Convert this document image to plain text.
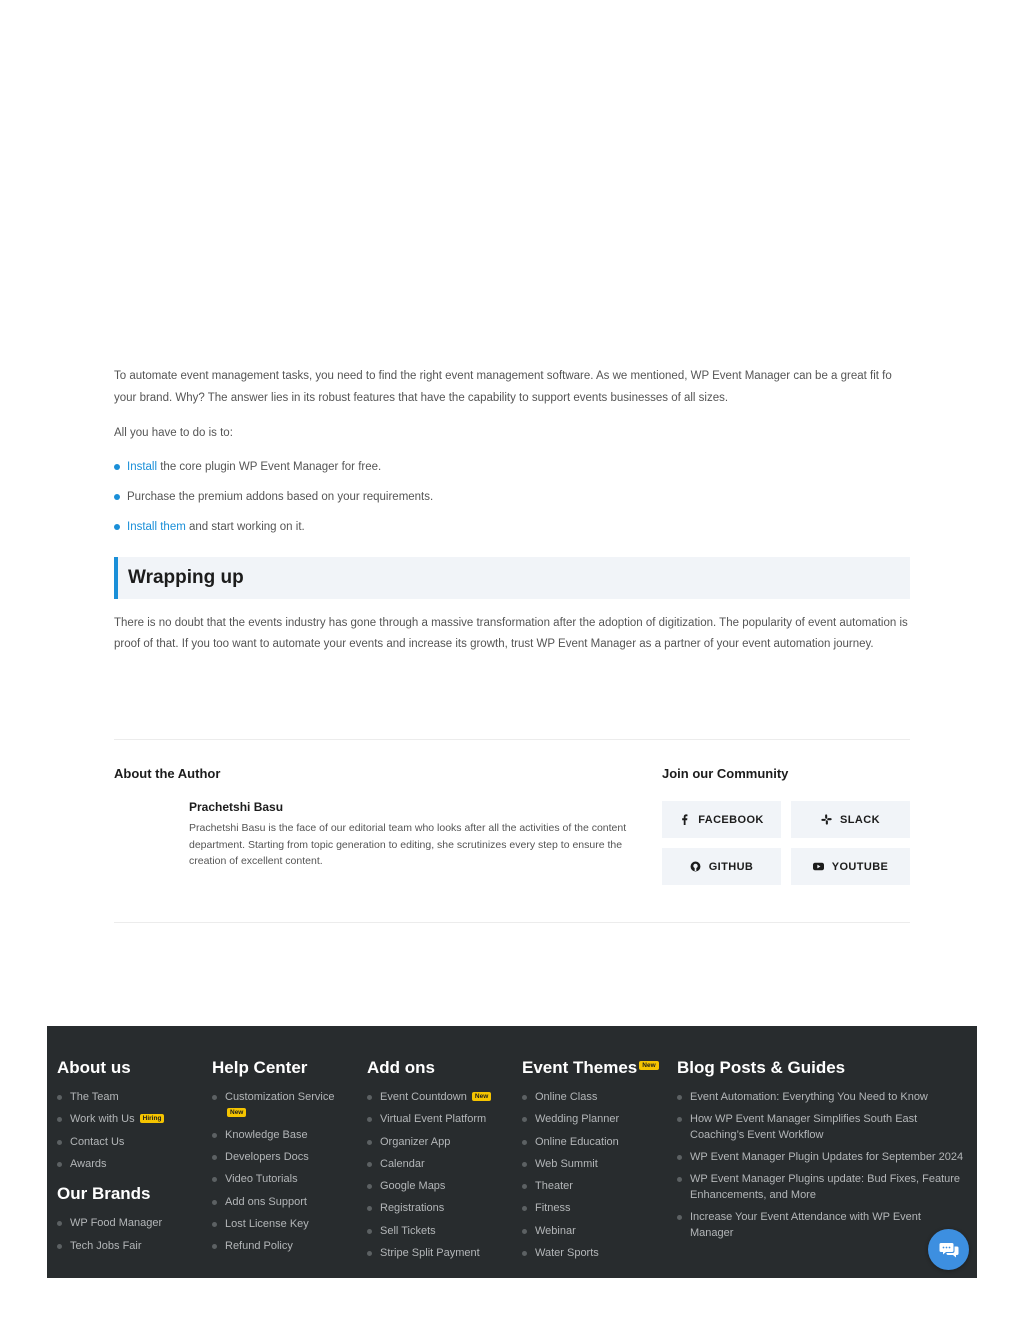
To automate event management tasks, you need to find the right event management software. As we mentioned, WP Event Manager can be a great fit fo your brand. Why? The answer lies in its robust features that have the capability to support events businesses of all sizes.

All you have to do is to:

Install the core plugin WP Event Manager for free.
Purchase the premium addons based on your requirements.
Install them and start working on it.
Wrapping up

There is no doubt that the events industry has gone through a massive transformation after the adoption of digitization. The popularity of event automation is proof of that. If you too want to automate your events and increase its growth, trust WP Event Manager as a partner of your event automation journey.

About the Author
Prachetshi Basu
Prachetshi Basu is the face of our editorial team who looks after all the activities of the content department. Starting from topic generation to editing, she scrutinizes every step to ensure the creation of excellent content.
Join our Community
FACEBOOK	SLACK
GITHUB	YOUTUBE
About us
The Team
Work with Us Hiring
Contact Us
Awards
Our Brands
WP Food Manager
Tech Jobs Fair
Help Center
Customization Service New
Knowledge Base
Developers Docs
Video Tutorials
Add ons Support
Lost License Key
Refund Policy
Add ons
Event Countdown New
Virtual Event Platform
Organizer App
Calendar
Google Maps
Registrations
Sell Tickets
Stripe Split Payment
Event Themes New
Online Class
Wedding Planner
Online Education
Web Summit
Theater
Fitness
Webinar
Water Sports
Blog Posts & Guides
Event Automation: Everything You Need to Know
How WP Event Manager Simplifies South East Coaching’s Event Workflow
WP Event Manager Plugin Updates for September 2024
WP Event Manager Plugins update: Bud Fixes, Feature Enhancements, and More
Increase Your Event Attendance with WP Event Manager
